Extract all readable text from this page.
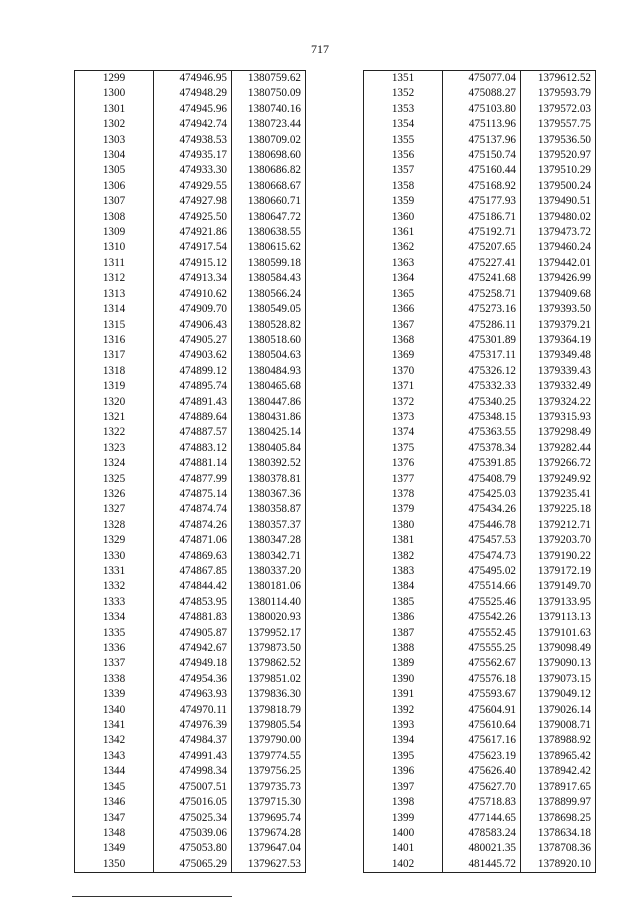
717
1299	474946.95	1380759.62
1300	474948.29	1380750.09
1301	474945.96	1380740.16
1302	474942.74	1380723.44
1303	474938.53	1380709.02
1304	474935.17	1380698.60
1305	474933.30	1380686.82
1306	474929.55	1380668.67
1307	474927.98	1380660.71
1308	474925.50	1380647.72
1309	474921.86	1380638.55
1310	474917.54	1380615.62
1311	474915.12	1380599.18
1312	474913.34	1380584.43
1313	474910.62	1380566.24
1314	474909.70	1380549.05
1315	474906.43	1380528.82
1316	474905.27	1380518.60
1317	474903.62	1380504.63
1318	474899.12	1380484.93
1319	474895.74	1380465.68
1320	474891.43	1380447.86
1321	474889.64	1380431.86
1322	474887.57	1380425.14
1323	474883.12	1380405.84
1324	474881.14	1380392.52
1325	474877.99	1380378.81
1326	474875.14	1380367.36
1327	474874.74	1380358.87
1328	474874.26	1380357.37
1329	474871.06	1380347.28
1330	474869.63	1380342.71
1331	474867.85	1380337.20
1332	474844.42	1380181.06
1333	474853.95	1380114.40
1334	474881.83	1380020.93
1335	474905.87	1379952.17
1336	474942.67	1379873.50
1337	474949.18	1379862.52
1338	474954.36	1379851.02
1339	474963.93	1379836.30
1340	474970.11	1379818.79
1341	474976.39	1379805.54
1342	474984.37	1379790.00
1343	474991.43	1379774.55
1344	474998.34	1379756.25
1345	475007.51	1379735.73
1346	475016.05	1379715.30
1347	475025.34	1379695.74
1348	475039.06	1379674.28
1349	475053.80	1379647.04
1350	475065.29	1379627.53
1351	475077.04	1379612.52
1352	475088.27	1379593.79
1353	475103.80	1379572.03
1354	475113.96	1379557.75
1355	475137.96	1379536.50
1356	475150.74	1379520.97
1357	475160.44	1379510.29
1358	475168.92	1379500.24
1359	475177.93	1379490.51
1360	475186.71	1379480.02
1361	475192.71	1379473.72
1362	475207.65	1379460.24
1363	475227.41	1379442.01
1364	475241.68	1379426.99
1365	475258.71	1379409.68
1366	475273.16	1379393.50
1367	475286.11	1379379.21
1368	475301.89	1379364.19
1369	475317.11	1379349.48
1370	475326.12	1379339.43
1371	475332.33	1379332.49
1372	475340.25	1379324.22
1373	475348.15	1379315.93
1374	475363.55	1379298.49
1375	475378.34	1379282.44
1376	475391.85	1379266.72
1377	475408.79	1379249.92
1378	475425.03	1379235.41
1379	475434.26	1379225.18
1380	475446.78	1379212.71
1381	475457.53	1379203.70
1382	475474.73	1379190.22
1383	475495.02	1379172.19
1384	475514.66	1379149.70
1385	475525.46	1379133.95
1386	475542.26	1379113.13
1387	475552.45	1379101.63
1388	475555.25	1379098.49
1389	475562.67	1379090.13
1390	475576.18	1379073.15
1391	475593.67	1379049.12
1392	475604.91	1379026.14
1393	475610.64	1379008.71
1394	475617.16	1378988.92
1395	475623.19	1378965.42
1396	475626.40	1378942.42
1397	475627.70	1378917.65
1398	475718.83	1378899.97
1399	477144.65	1378698.25
1400	478583.24	1378634.18
1401	480021.35	1378708.36
1402	481445.72	1378920.10
